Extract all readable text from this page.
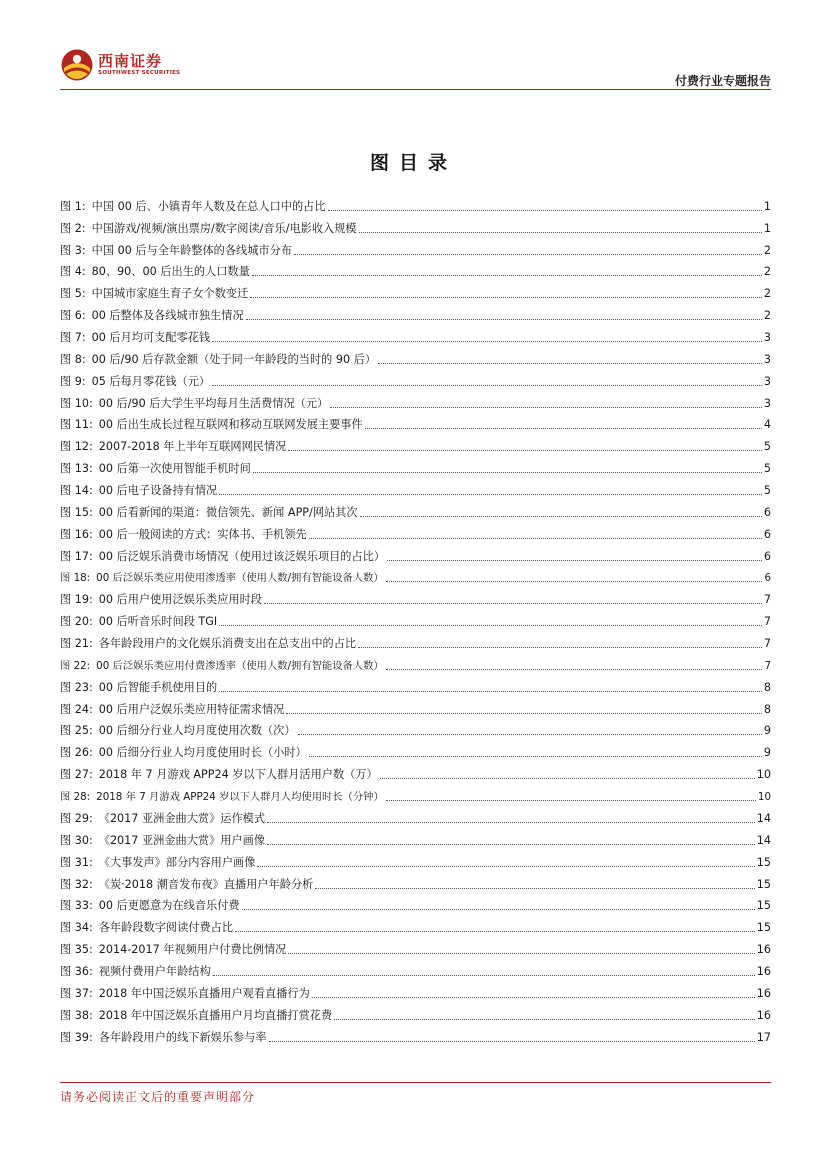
西南证券
SOUTHWEST SECURITIES
付费行业专题报告
图目录
图 1: 中国 00 后、小镇青年人数及在总人口中的占比	1
图 2: 中国游戏/视频/演出票房/数字阅读/音乐/电影收入规模	1
图 3: 中国 00 后与全年龄整体的各线城市分布	2
图 4: 80、90、00 后出生的人口数量	2
图 5: 中国城市家庭生育子女个数变迁	2
图 6: 00 后整体及各线城市独生情况	2
图 7: 00 后月均可支配零花钱	3
图 8: 00 后/90 后存款金额（处于同一年龄段的当时的 90 后）	3
图 9: 05 后每月零花钱（元）	3
图 10: 00 后/90 后大学生平均每月生活费情况（元）	3
图 11: 00 后出生成长过程互联网和移动互联网发展主要事件	4
图 12: 2007-2018 年上半年互联网网民情况	5
图 13: 00 后第一次使用智能手机时间	5
图 14: 00 后电子设备持有情况	5
图 15: 00 后看新闻的渠道：微信领先、新闻 APP/网站其次	6
图 16: 00 后一般阅读的方式：实体书、手机领先	6
图 17: 00 后泛娱乐消费市场情况（使用过该泛娱乐项目的占比）	6
图 18: 00 后泛娱乐类应用使用渗透率（使用人数/拥有智能设备人数）	6
图 19: 00 后用户使用泛娱乐类应用时段	7
图 20: 00 后听音乐时间段 TGI	7
图 21: 各年龄段用户的文化娱乐消费支出在总支出中的占比	7
图 22: 00 后泛娱乐类应用付费渗透率（使用人数/拥有智能设备人数）	7
图 23: 00 后智能手机使用目的	8
图 24: 00 后用户泛娱乐类应用特征需求情况	8
图 25: 00 后细分行业人均月度使用次数（次）	9
图 26: 00 后细分行业人均月度使用时长（小时）	9
图 27: 2018 年 7 月游戏 APP24 岁以下人群月活用户数（万）	10
图 28: 2018 年 7 月游戏 APP24 岁以下人群月人均使用时长（分钟）	10
图 29: 《2017 亚洲金曲大赏》运作模式	14
图 30: 《2017 亚洲金曲大赏》用户画像	14
图 31: 《大事发声》部分内容用户画像	15
图 32: 《炭·2018 潮音发布夜》直播用户年龄分析	15
图 33: 00 后更愿意为在线音乐付费	15
图 34: 各年龄段数字阅读付费占比	15
图 35: 2014-2017 年视频用户付费比例情况	16
图 36: 视频付费用户年龄结构	16
图 37: 2018 年中国泛娱乐直播用户观看直播行为	16
图 38: 2018 年中国泛娱乐直播用户月均直播打赏花费	16
图 39: 各年龄段用户的线下新娱乐参与率	17
请务必阅读正文后的重要声明部分
